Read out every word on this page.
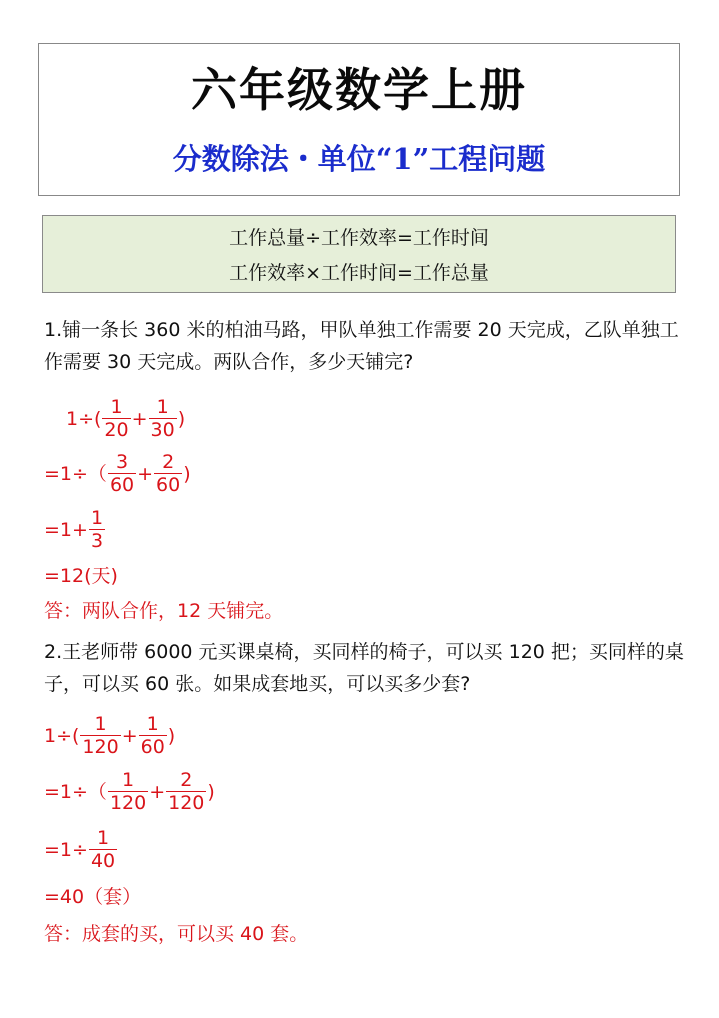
六年级数学上册
分数除法・单位“1”工程问题
工作总量÷工作效率=工作时间
工作效率×工作时间=工作总量
1.铺一条长 360 米的柏油马路，甲队单独工作需要 20 天完成，乙队单独工作需要 30 天完成。两队合作，多少天铺完?
$1\div( \frac{1}{20} + \frac{1}{30}$ )
$=1\div( \frac{3}{60} + \frac{2}{60}$ )
$=1+ \frac{1}{3}$
=12(天)
答：两队合作，12 天铺完。
2.王老师带 6000 元买课桌椅，买同样的椅子，可以买 120 把；买同样的桌子，可以买 60 张。如果成套地买，可以买多少套?
$1\div( \frac{1}{120} + \frac{1}{60}$ )
$=1\div( \frac{1}{120} + \frac{2}{120}$ )
$=1\div \frac{1}{40}$
=40（套）
答：成套的买，可以买 40 套。
